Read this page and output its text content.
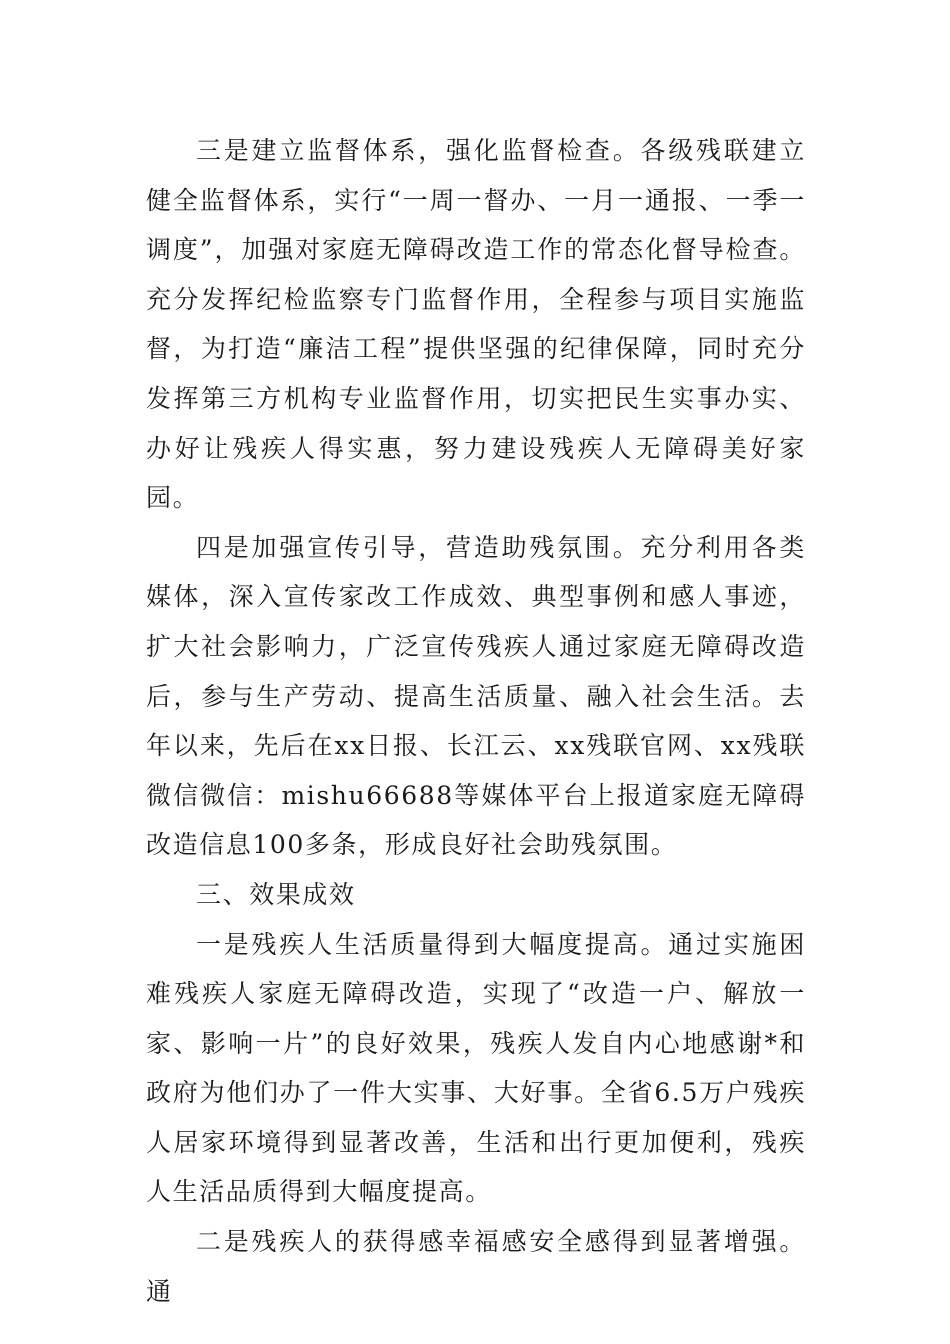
三是建立监督体系，强化监督检查。各级残联建立健全监督体系，实行“一周一督办、一月一通报、一季一调度”，加强对家庭无障碍改造工作的常态化督导检查。充分发挥纪检监察专门监督作用，全程参与项目实施监督，为打造“廉洁工程”提供坚强的纪律保障，同时充分发挥第三方机构专业监督作用，切实把民生实事办实、办好让残疾人得实惠，努力建设残疾人无障碍美好家园。

四是加强宣传引导，营造助残氛围。充分利用各类媒体，深入宣传家改工作成效、典型事例和感人事迹，扩大社会影响力，广泛宣传残疾人通过家庭无障碍改造后，参与生产劳动、提高生活质量、融入社会生活。去年以来，先后在xx日报、长江云、xx残联官网、xx残联微信微信：mishu66688等媒体平台上报道家庭无障碍改造信息100多条，形成良好社会助残氛围。

三、效果成效

一是残疾人生活质量得到大幅度提高。通过实施困难残疾人家庭无障碍改造，实现了“改造一户、解放一家、影响一片”的良好效果，残疾人发自内心地感谢*和政府为他们办了一件大实事、大好事。全省6.5万户残疾人居家环境得到显著改善，生活和出行更加便利，残疾人生活品质得到大幅度提高。

二是残疾人的获得感幸福感安全感得到显著增强。通
